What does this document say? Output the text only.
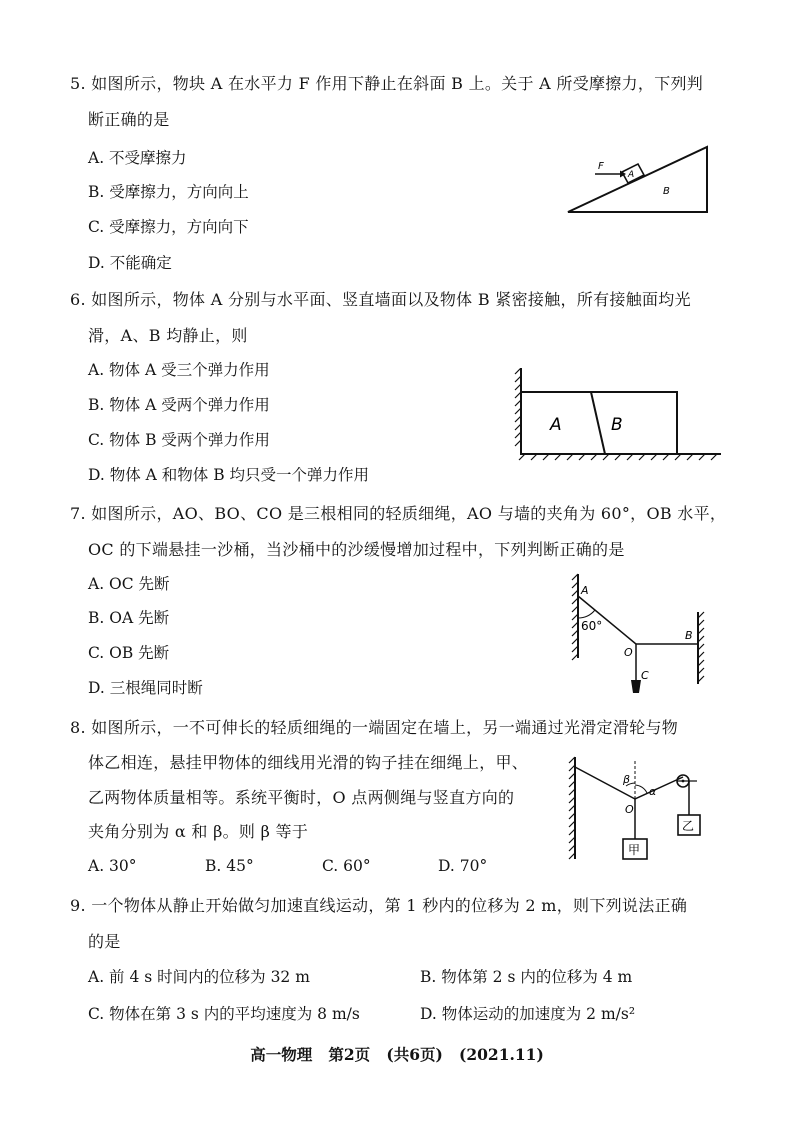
5. 如图所示，物块 A 在水平力 F 作用下静止在斜面 B 上。关于 A 所受摩擦力，下列判
断正确的是
A. 不受摩擦力
B. 受摩擦力，方向向上
C. 受摩擦力，方向向下
D. 不能确定
F
A
B
6. 如图所示，物体 A 分别与水平面、竖直墙面以及物体 B 紧密接触，所有接触面均光
滑，A、B 均静止，则
A. 物体 A 受三个弹力作用
B. 物体 A 受两个弹力作用
C. 物体 B 受两个弹力作用
D. 物体 A 和物体 B 均只受一个弹力作用
A	B
7. 如图所示，AO、BO、CO 是三根相同的轻质细绳，AO 与墙的夹角为 60°，OB 水平，
OC 的下端悬挂一沙桶，当沙桶中的沙缓慢增加过程中，下列判断正确的是
A. OC 先断
B. OA 先断
C. OB 先断
D. 三根绳同时断
A
60°
O
B
C
8. 如图所示，一不可伸长的轻质细绳的一端固定在墙上，另一端通过光滑定滑轮与物
体乙相连，悬挂甲物体的细线用光滑的钩子挂在细绳上，甲、
乙两物体质量相等。系统平衡时，O 点两侧绳与竖直方向的
夹角分别为 α 和 β。则 β 等于
A. 30°	B. 45°	C. 60°	D. 70°
β
α
O
甲
乙
9. 一个物体从静止开始做匀加速直线运动，第 1 秒内的位移为 2 m，则下列说法正确
的是
A. 前 4 s 时间内的位移为 32 m	B. 物体第 2 s 内的位移为 4 m
C. 物体在第 3 s 内的平均速度为 8 m/s	D. 物体运动的加速度为 2 m/s²
高一物理   第2页   (共6页)   (2021.11)
